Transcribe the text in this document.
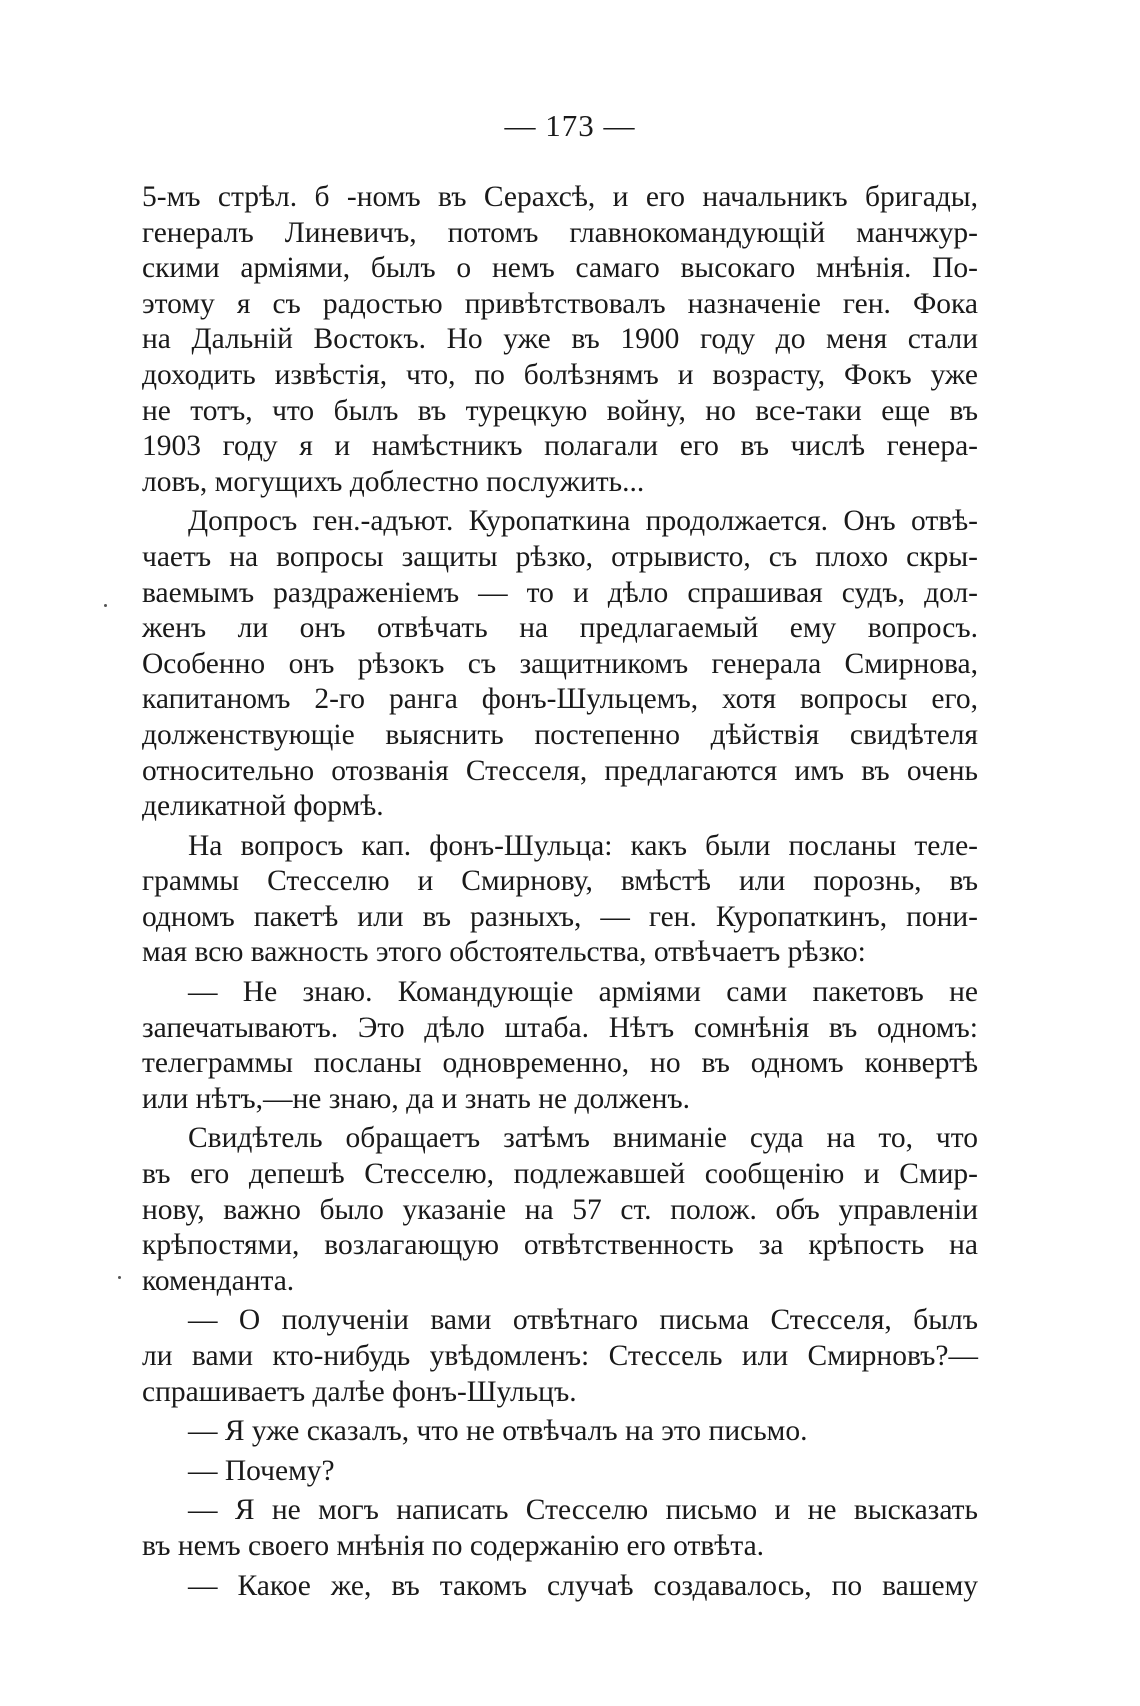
— 173 —
5-мъ стрѣл. б -номъ въ Серахсѣ, и его начальникъ бригады,
генералъ Линевичъ, потомъ главнокомандующій манчжур-
скими арміями, былъ о немъ самаго высокаго мнѣнія. По-
этому я съ радостью привѣтствовалъ назначеніе ген. Фока
на Дальній Востокъ. Но уже въ 1900 году до меня стали
доходить извѣстія, что, по болѣзнямъ и возрасту, Фокъ уже
не тотъ, что былъ въ турецкую войну, но все-таки еще въ
1903 году я и намѣстникъ полагали его въ числѣ генера-
ловъ, могущихъ доблестно послужить...
Допросъ ген.-адъют. Куропаткина продолжается. Онъ отвѣ-
чаетъ на вопросы защиты рѣзко, отрывисто, съ плохо скры-
ваемымъ раздраженіемъ — то и дѣло спрашивая судъ, дол-
женъ ли онъ отвѣчать на предлагаемый ему вопросъ.
Особенно онъ рѣзокъ съ защитникомъ генерала Смирнова,
капитаномъ 2-го ранга фонъ-Шульцемъ, хотя вопросы его,
долженствующіе выяснить постепенно дѣйствія свидѣтеля
относительно отозванія Стесселя, предлагаются имъ въ очень
деликатной формѣ.
На вопросъ кап. фонъ-Шульца: какъ были посланы теле-
граммы Стесселю и Смирнову, вмѣстѣ или порознь, въ
одномъ пакетѣ или въ разныхъ, — ген. Куропаткинъ, пони-
мая всю важность этого обстоятельства, отвѣчаетъ рѣзко:
— Не знаю. Командующіе арміями сами пакетовъ не
запечатываютъ. Это дѣло штаба. Нѣтъ сомнѣнія въ одномъ:
телеграммы посланы одновременно, но въ одномъ конвертѣ
или нѣтъ,—не знаю, да и знать не долженъ.
Свидѣтель обращаетъ затѣмъ вниманіе суда на то, что
въ его депешѣ Стесселю, подлежавшей сообщенію и Смир-
нову, важно было указаніе на 57 ст. полож. объ управленіи
крѣпостями, возлагающую отвѣтственность за крѣпость на
коменданта.
— О полученіи вами отвѣтнаго письма Стесселя, былъ
ли вами кто-нибудь увѣдомленъ: Стессель или Смирновъ?—
спрашиваетъ далѣе фонъ-Шульцъ.
— Я уже сказалъ, что не отвѣчалъ на это письмо.
— Почему?
— Я не могъ написать Стесселю письмо и не высказать
въ немъ своего мнѣнія по содержанію его отвѣта.
— Какое же, въ такомъ случаѣ создавалось, по вашему
